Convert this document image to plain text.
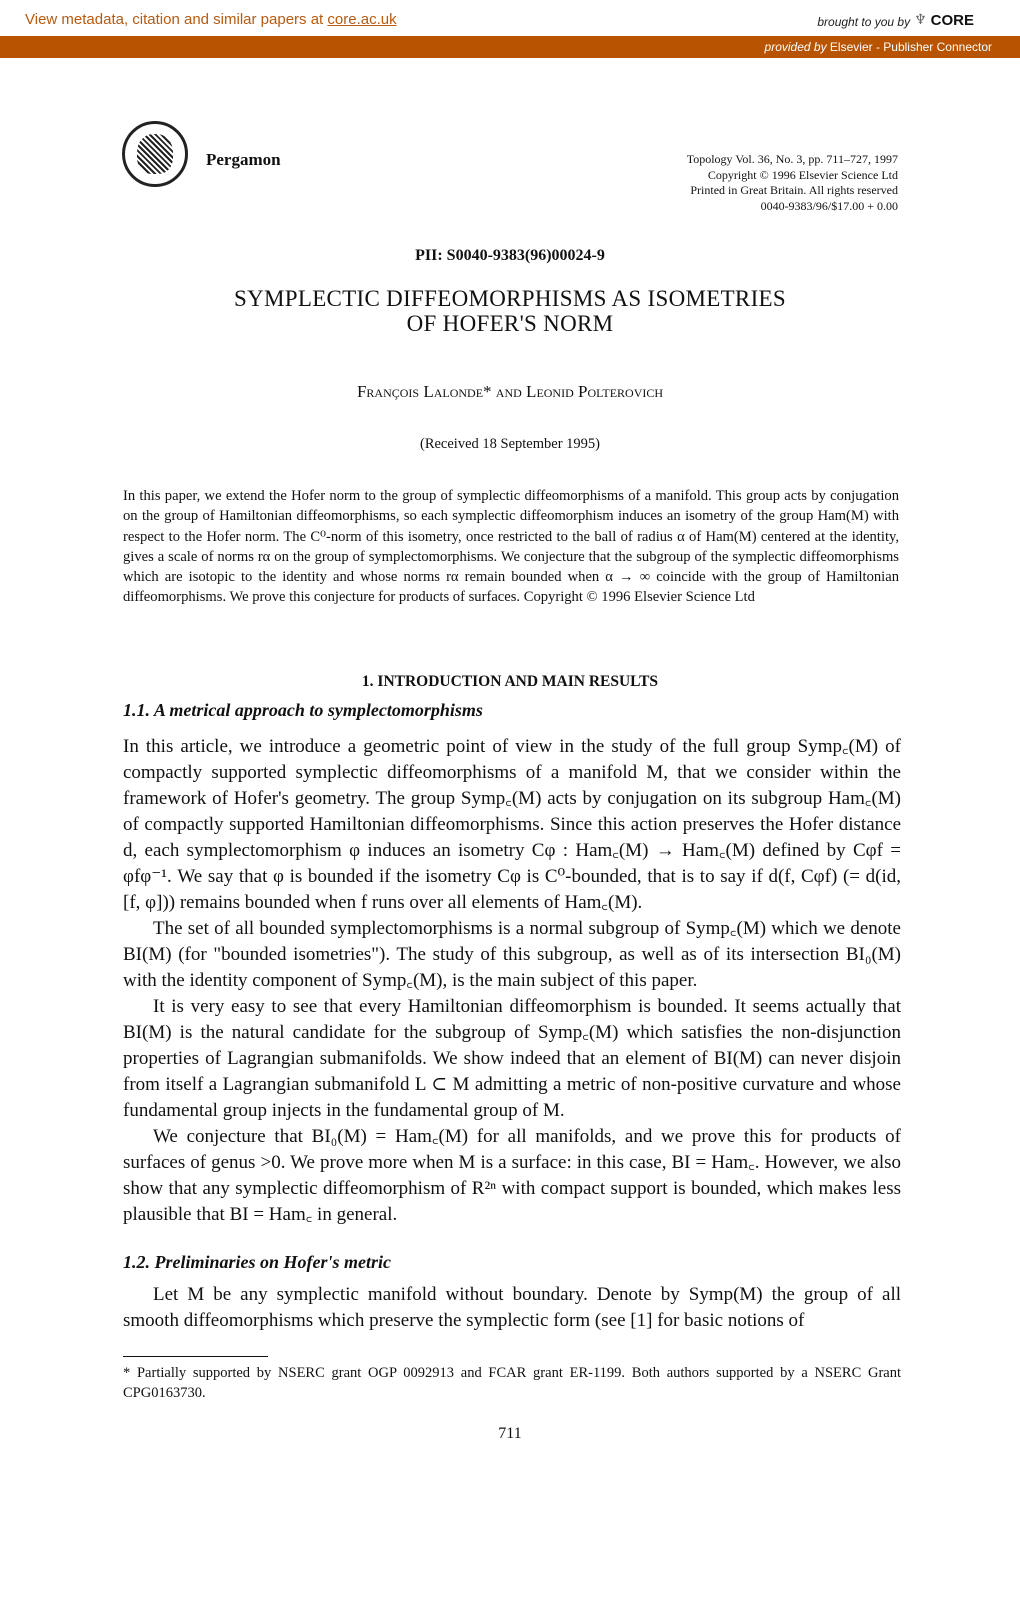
View metadata, citation and similar papers at core.ac.uk	brought to you by ♆ CORE
provided by Elsevier - Publisher Connector
Pergamon	Topology Vol. 36, No. 3, pp. 711–727, 1997
Copyright © 1996 Elsevier Science Ltd
Printed in Great Britain. All rights reserved
0040-9383/96/$17.00 + 0.00
PII: S0040-9383(96)00024-9
SYMPLECTIC DIFFEOMORPHISMS AS ISOMETRIES
OF HOFER'S NORM
François Lalonde* and Leonid Polterovich
(Received 18 September 1995)
In this paper, we extend the Hofer norm to the group of symplectic diffeomorphisms of a manifold. This group acts by conjugation on the group of Hamiltonian diffeomorphisms, so each symplectic diffeomorphism induces an isometry of the group Ham(M) with respect to the Hofer norm. The C⁰-norm of this isometry, once restricted to the ball of radius α of Ham(M) centered at the identity, gives a scale of norms rα on the group of symplectomorphisms. We conjecture that the subgroup of the symplectic diffeomorphisms which are isotopic to the identity and whose norms rα remain bounded when α → ∞ coincide with the group of Hamiltonian diffeomorphisms. We prove this conjecture for products of surfaces. Copyright © 1996 Elsevier Science Ltd
1. INTRODUCTION AND MAIN RESULTS
1.1. A metrical approach to symplectomorphisms

In this article, we introduce a geometric point of view in the study of the full group Symp꜀(M) of compactly supported symplectic diffeomorphisms of a manifold M, that we consider within the framework of Hofer's geometry. The group Symp꜀(M) acts by conjugation on its subgroup Ham꜀(M) of compactly supported Hamiltonian diffeomorphisms. Since this action preserves the Hofer distance d, each symplectomorphism φ induces an isometry Cφ : Ham꜀(M) → Ham꜀(M) defined by Cφf = φfφ⁻¹. We say that φ is bounded if the isometry Cφ is C⁰-bounded, that is to say if d(f, Cφf) (= d(id, [f, φ])) remains bounded when f runs over all elements of Ham꜀(M).

The set of all bounded symplectomorphisms is a normal subgroup of Symp꜀(M) which we denote BI(M) (for "bounded isometries"). The study of this subgroup, as well as of its intersection BI₀(M) with the identity component of Symp꜀(M), is the main subject of this paper.

It is very easy to see that every Hamiltonian diffeomorphism is bounded. It seems actually that BI(M) is the natural candidate for the subgroup of Symp꜀(M) which satisfies the non-disjunction properties of Lagrangian submanifolds. We show indeed that an element of BI(M) can never disjoin from itself a Lagrangian submanifold L ⊂ M admitting a metric of non-positive curvature and whose fundamental group injects in the fundamental group of M.

We conjecture that BI₀(M) = Ham꜀(M) for all manifolds, and we prove this for products of surfaces of genus >0. We prove more when M is a surface: in this case, BI = Ham꜀. However, we also show that any symplectic diffeomorphism of R²ⁿ with compact support is bounded, which makes less plausible that BI = Ham꜀ in general.

1.2. Preliminaries on Hofer's metric

Let M be any symplectic manifold without boundary. Denote by Symp(M) the group of all smooth diffeomorphisms which preserve the symplectic form (see [1] for basic notions of

* Partially supported by NSERC grant OGP 0092913 and FCAR grant ER-1199. Both authors supported by a NSERC Grant CPG0163730.
711
